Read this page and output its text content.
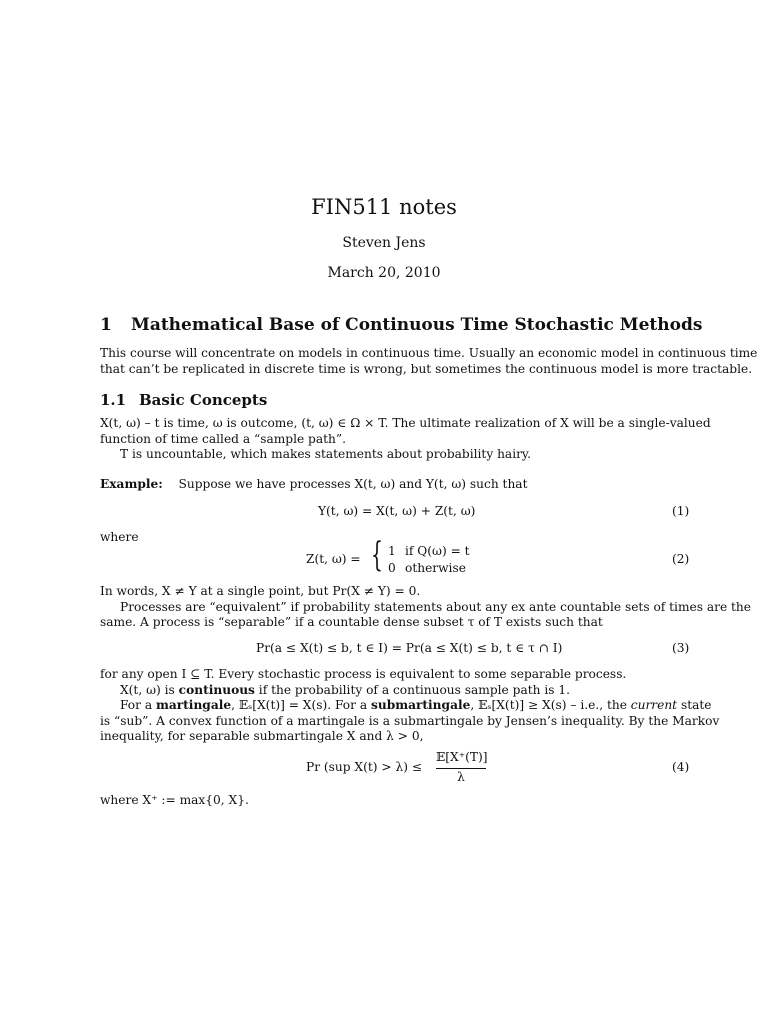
FIN511 notes
Steven Jens
March 20, 2010
1 Mathematical Base of Continuous Time Stochastic Methods
This course will concentrate on models in continuous time. Usually an economic model in continuous time
that can’t be replicated in discrete time is wrong, but sometimes the continuous model is more tractable.
1.1 Basic Concepts
X(t, ω) – t is time, ω is outcome, (t, ω) ∈ Ω × T. The ultimate realization of X will be a single-valued
function of time called a “sample path”.
T is uncountable, which makes statements about probability hairy.
Example: Suppose we have processes X(t, ω) and Y(t, ω) such that
Y(t, ω) = X(t, ω) + Z(t, ω)	(1)
where
Z(t, ω) = { 1 if Q(ω) = t
0 otherwise
(2)
In words, X ≠ Y at a single point, but Pr(X ≠ Y) = 0.
Processes are “equivalent” if probability statements about any ex ante countable sets of times are the
same. A process is “separable” if a countable dense subset τ of T exists such that
Pr(a ≤ X(t) ≤ b, t ∈ I) = Pr(a ≤ X(t) ≤ b, t ∈ τ ∩ I)	(3)
for any open I ⊆ T. Every stochastic process is equivalent to some separable process.
X(t, ω) is continuous if the probability of a continuous sample path is 1.
For a martingale, 𝔼ₛ[X(t)] = X(s). For a submartingale, 𝔼ₛ[X(t)] ≥ X(s) – i.e., the current state
is “sub”. A convex function of a martingale is a submartingale by Jensen’s inequality. By the Markov
inequality, for separable submartingale X and λ > 0,
Pr (sup X(t) > λ) ≤
𝔼[X⁺(T)]
λ
(4)
where X⁺ := max{0, X}.
